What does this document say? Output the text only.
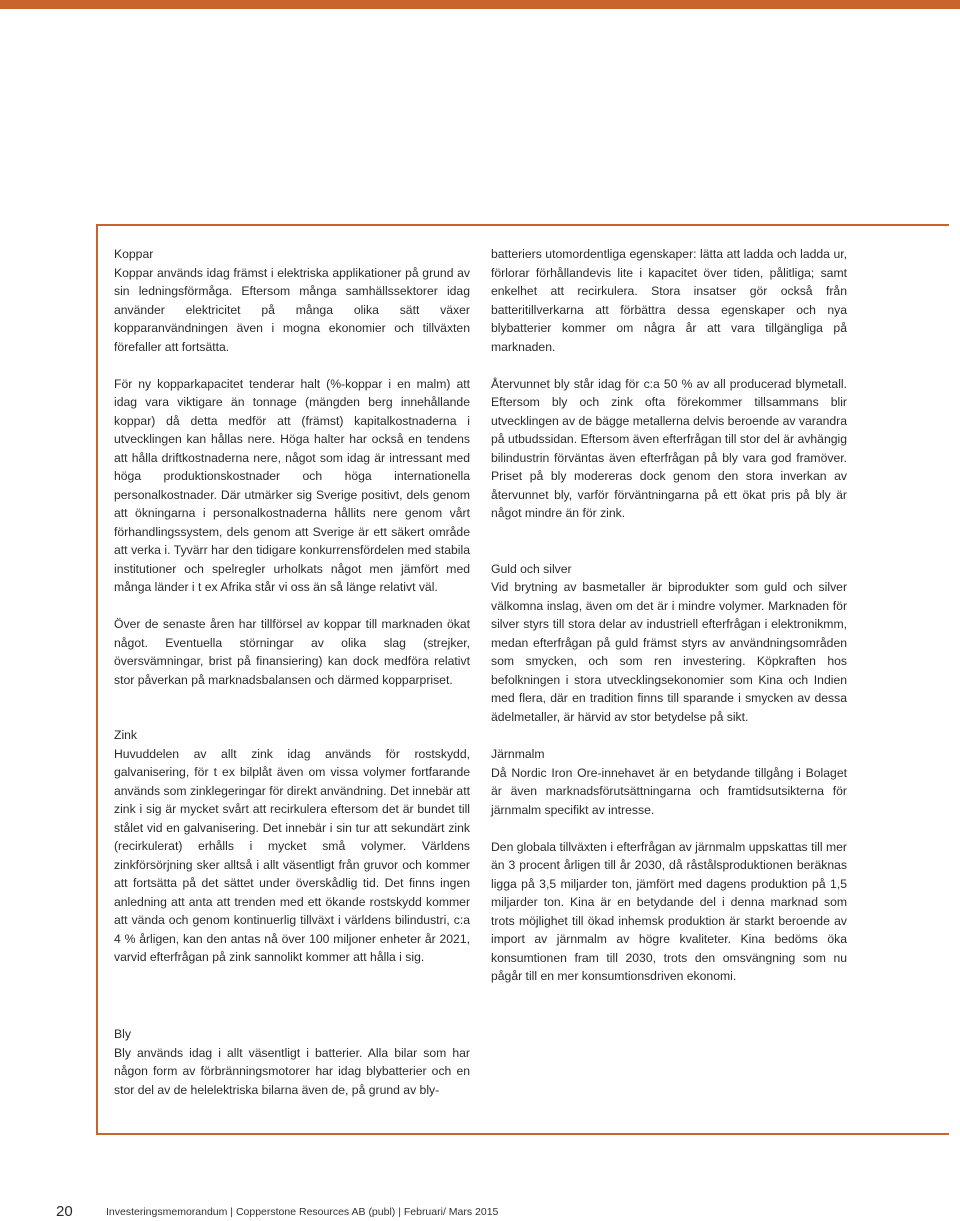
Koppar

Koppar används idag främst i elektriska applikationer på grund av sin ledningsförmåga. Eftersom många samhällssektorer idag använder elektricitet på många olika sätt växer kopparanvändningen även i mogna ekonomier och tillväxten förefaller att fortsätta.

För ny kopparkapacitet tenderar halt (%-koppar i en malm) att idag vara viktigare än tonnage (mängden berg innehållande koppar) då detta medför att (främst) kapitalkostnaderna i utvecklingen kan hållas nere. Höga halter har också en tendens att hålla driftkostnaderna nere, något som idag är intressant med höga produktionskostnader och höga internationella personalkostnader. Där utmärker sig Sverige positivt, dels genom att ökningarna i personalkostnaderna hållits nere genom vårt förhandlingssystem, dels genom att Sverige är ett säkert område att verka i. Tyvärr har den tidigare konkurrensfördelen med stabila institutioner och spelregler urholkats något men jämfört med många länder i t ex Afrika står vi oss än så länge relativt väl.

Över de senaste åren har tillförsel av koppar till marknaden ökat något. Eventuella störningar av olika slag (strejker, översvämningar, brist på finansiering) kan dock medföra relativt stor påverkan på marknadsbalansen och därmed kopparpriset.

batteriers utomordentliga egenskaper: lätta att ladda och ladda ur, förlorar förhållandevis lite i kapacitet över tiden, pålitliga; samt enkelhet att recirkulera. Stora insatser gör också från batteritillverkarna att förbättra dessa egenskaper och nya blybatterier kommer om några år att vara tillgängliga på marknaden.

Återvunnet bly står idag för c:a 50 % av all producerad blymetall. Eftersom bly och zink ofta förekommer tillsammans blir utvecklingen av de bägge metallerna delvis beroende av varandra på utbudssidan. Eftersom även efterfrågan till stor del är avhängig bilindustrin förväntas även efterfrågan på bly vara god framöver. Priset på bly modereras dock genom den stora inverkan av återvunnet bly, varför förväntningarna på ett ökat pris på bly är något mindre än för zink.

Guld och silver

Vid brytning av basmetaller är biprodukter som guld och silver välkomna inslag, även om det är i mindre volymer. Marknaden för silver styrs till stora delar av industriell efterfrågan i elektronikmm, medan efterfrågan på guld främst styrs av användningsområden som smycken, och som ren investering. Köpkraften hos befolkningen i stora utvecklingsekonomier som Kina och Indien med flera, där en tradition finns till sparande i smycken av dessa ädelmetaller, är härvid av stor betydelse på sikt.

Zink

Huvuddelen av allt zink idag används för rostskydd, galvanisering, för t ex bilplåt även om vissa volymer fortfarande används som zinklegeringar för direkt användning. Det innebär att zink i sig är mycket svårt att recirkulera eftersom det är bundet till stålet vid en galvanisering. Det innebär i sin tur att sekundärt zink (recirkulerat) erhålls i mycket små volymer. Världens zinkförsörjning sker alltså i allt väsentligt från gruvor och kommer att fortsätta på det sättet under överskådlig tid. Det finns ingen anledning att anta att trenden med ett ökande rostskydd kommer att vända och genom kontinuerlig tillväxt i världens bilindustri, c:a 4 % årligen, kan den antas nå över 100 miljoner enheter år 2021, varvid efterfrågan på zink sannolikt kommer att hålla i sig.

Järnmalm

Då Nordic Iron Ore-innehavet är en betydande tillgång i Bolaget är även marknadsförutsättningarna och framtidsutsikterna för järnmalm specifikt av intresse.

Den globala tillväxten i efterfrågan av järnmalm uppskattas till mer än 3 procent årligen till år 2030, då råstålsproduktionen beräknas ligga på 3,5 miljarder ton, jämfört med dagens produktion på 1,5 miljarder ton. Kina är en betydande del i denna marknad som trots möjlighet till ökad inhemsk produktion är starkt beroende av import av järnmalm av högre kvaliteter. Kina bedöms öka konsumtionen fram till 2030, trots den omsvängning som nu pågår till en mer konsumtionsdriven ekonomi.

Bly

Bly används idag i allt väsentligt i batterier. Alla bilar som har någon form av förbränningsmotorer har idag blybatterier och en stor del av de helelektriska bilarna även de, på grund av bly-

20	Investeringsmemorandum | Copperstone Resources AB (publ) | Februari/ Mars 2015
